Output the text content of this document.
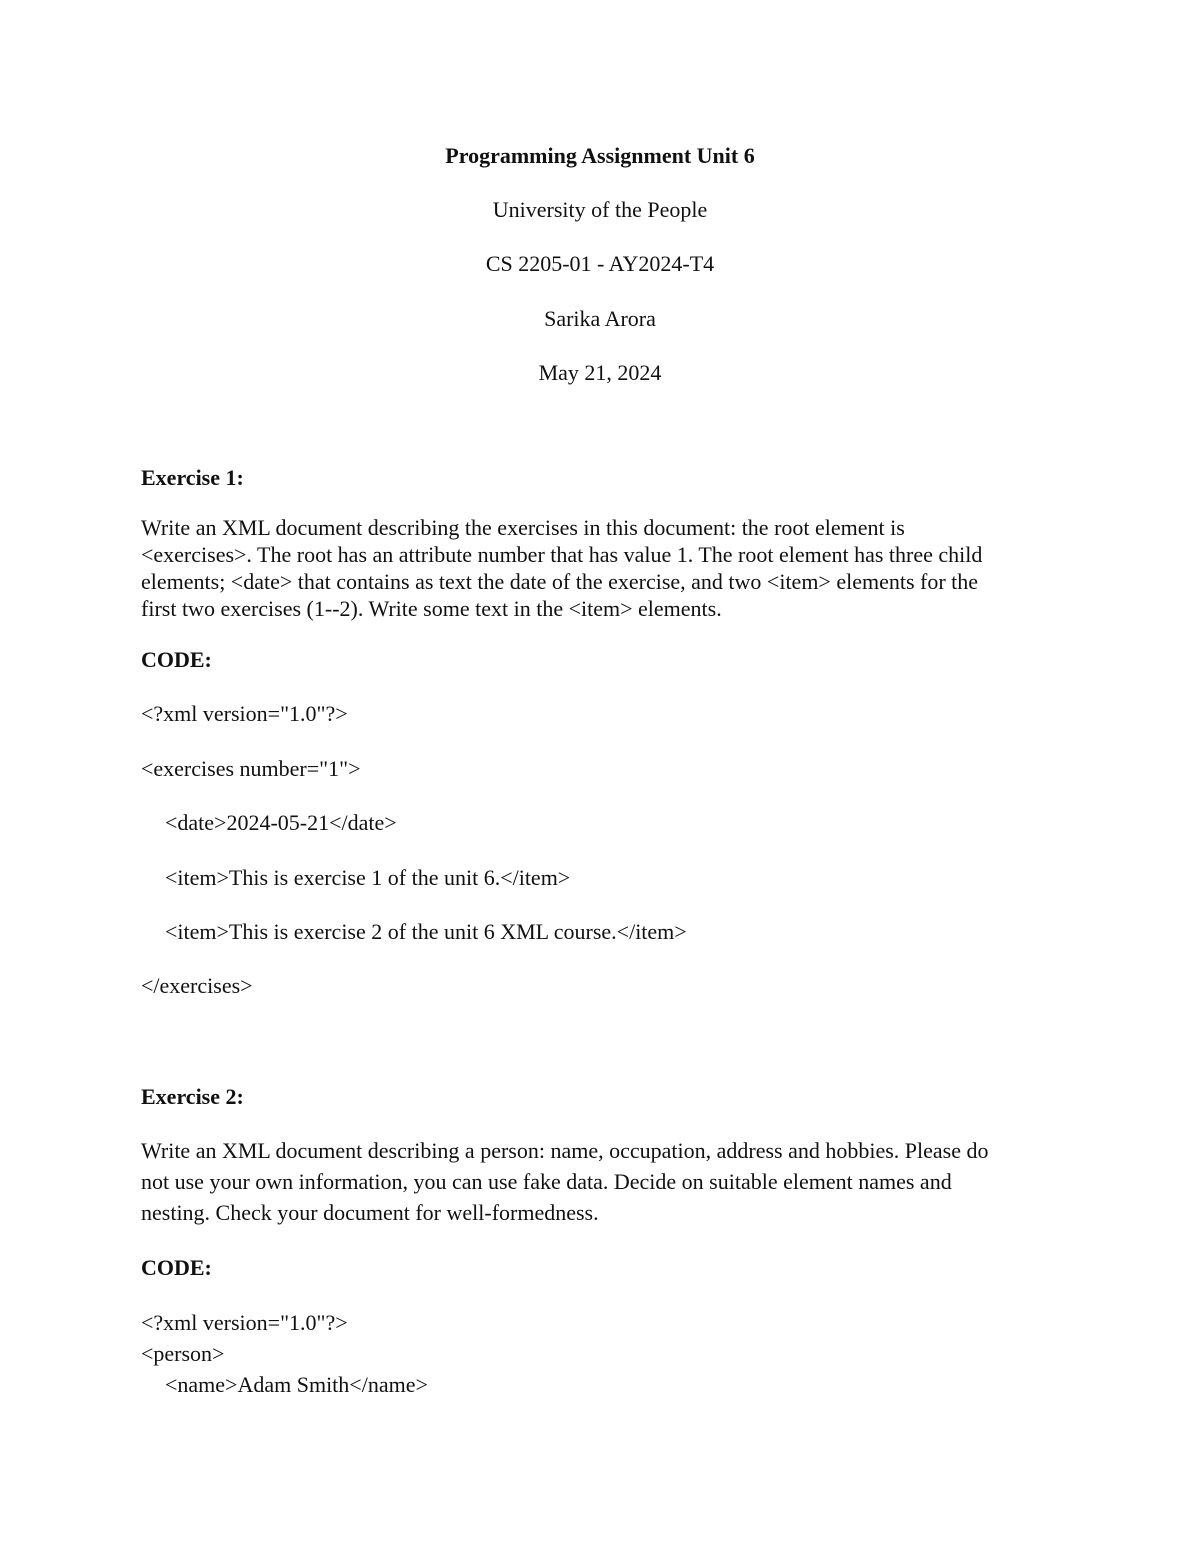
Programming Assignment Unit 6
University of the People
CS 2205-01 - AY2024-T4
Sarika Arora
May 21, 2024
Exercise 1:
Write an XML document describing the exercises in this document: the root element is
<exercises>. The root has an attribute number that has value 1. The root element has three child
elements; <date> that contains as text the date of the exercise, and two <item> elements for the
first two exercises (1--2). Write some text in the <item> elements.
CODE:
<?xml version="1.0"?>
<exercises number="1">
<date>2024-05-21</date>
<item>This is exercise 1 of the unit 6.</item>
<item>This is exercise 2 of the unit 6 XML course.</item>
</exercises>
Exercise 2:
Write an XML document describing a person: name, occupation, address and hobbies. Please do
not use your own information, you can use fake data. Decide on suitable element names and
nesting. Check your document for well-formedness.
CODE:
<?xml version="1.0"?>
<person>
<name>Adam Smith</name>
